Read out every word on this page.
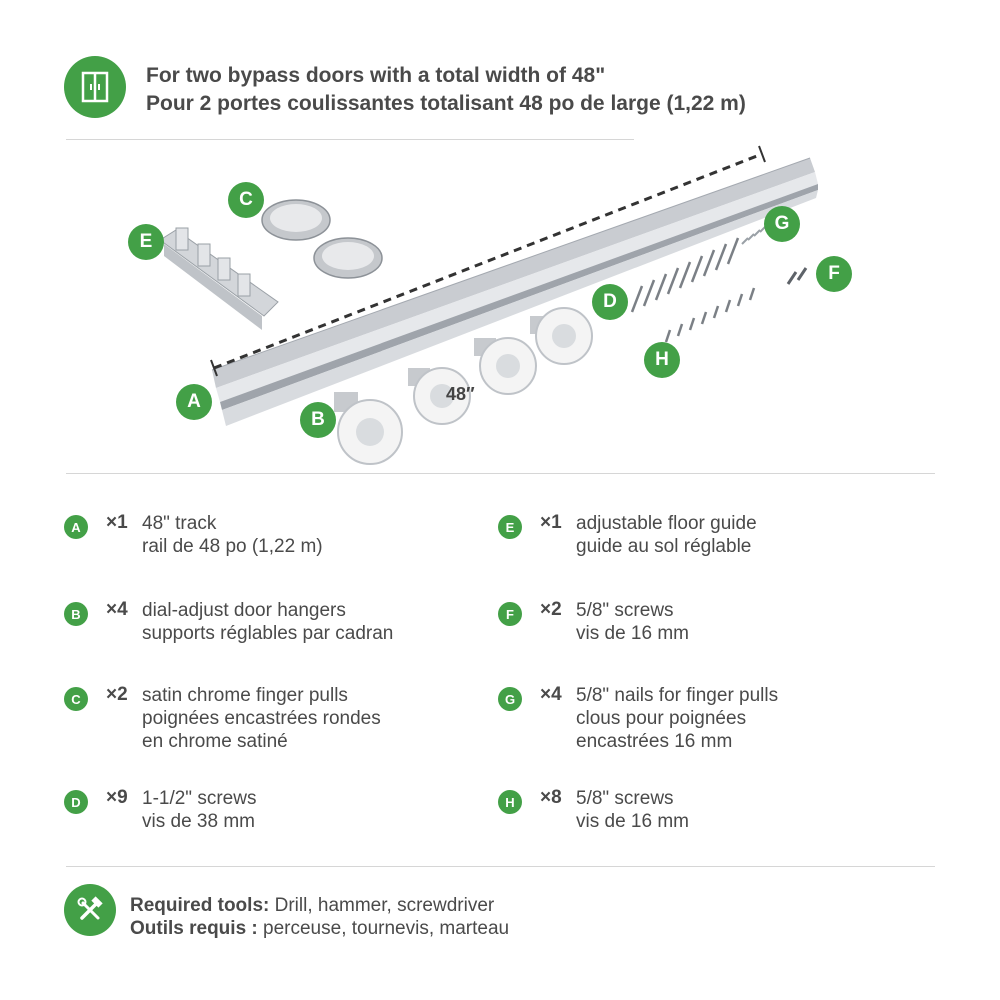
For two bypass doors with a total width of 48"
Pour 2 portes coulissantes totalisant 48 po de large (1,22 m)
A
B
C
D
E
F
G
H
48″
A	×1 48" track
rail de 48 po (1,22 m)
B	×4 dial-adjust door hangers
supports réglables par cadran
C	×2 satin chrome finger pulls
poignées encastrées rondes
en chrome satiné
D	×9 1-1/2" screws
vis de 38 mm
E	×1 adjustable floor guide
guide au sol réglable
F	×2 5/8" screws
vis de 16 mm
G	×4 5/8" nails for finger pulls
clous pour poignées
encastrées 16 mm
H	×8 5/8" screws
vis de 16 mm
Required tools: Drill, hammer, screwdriver
Outils requis : perceuse, tournevis, marteau
